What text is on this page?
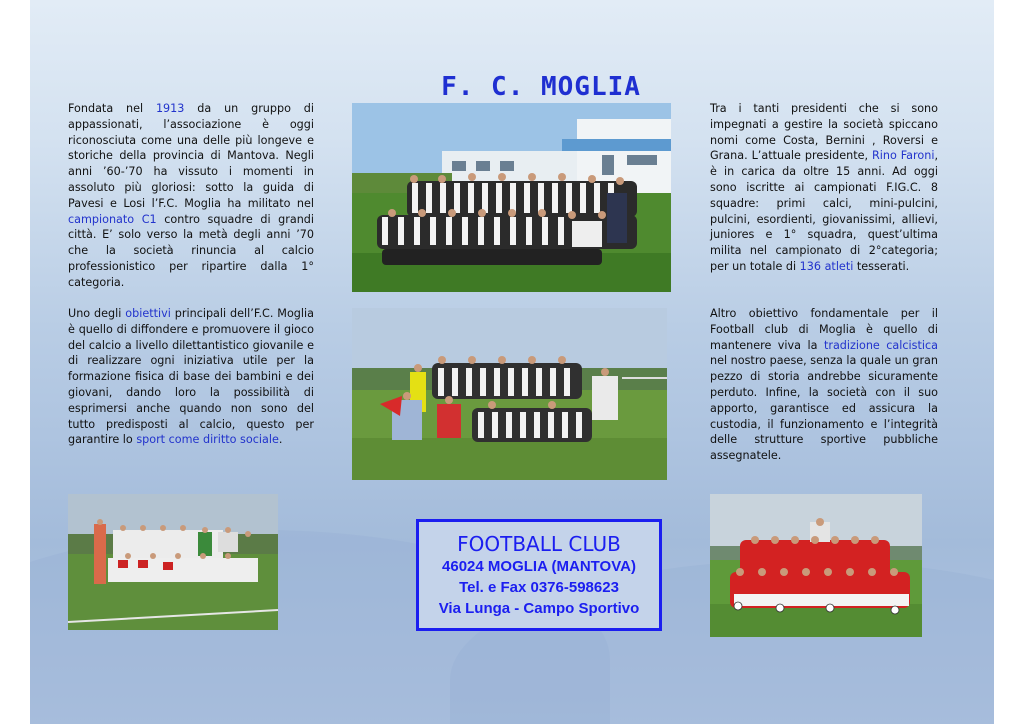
F. C. MOGLIA
Fondata nel 1913 da un gruppo di appassionati, l’associazione è oggi riconosciuta come una delle più longeve e storiche della provincia di Mantova. Negli anni ’60-’70 ha vissuto i momenti in assoluto più gloriosi: sotto la guida di Pavesi e Losi l’F.C. Moglia ha militato nel campionato C1 contro squadre di grandi città. E’ solo verso la metà degli anni ’70 che la società rinuncia al calcio professionistico per ripartire dalla 1° categoria.
Uno degli obiettivi principali dell’F.C. Moglia è quello di diffondere e promuovere il gioco del calcio a livello dilettantistico giovanile e di realizzare ogni iniziativa utile per la formazione fisica di base dei bambini e dei giovani, dando loro la possibilità di esprimersi anche quando non sono del tutto predisposti al calcio, questo per garantire lo sport come diritto sociale.
Tra i tanti presidenti che si sono impegnati a gestire la società spiccano nomi come Costa, Bernini , Roversi e Grana. L’attuale presidente, Rino Faroni, è in carica da oltre 15 anni. Ad oggi sono iscritte ai campionati F.IG.C. 8 squadre: primi calci, mini-pulcini, pulcini, esordienti, giovanissimi, allievi, juniores e 1° squadra, quest’ultima milita nel campionato di 2°categoria; per un totale di 136 atleti tesserati.
Altro obiettivo fondamentale per il Football club di Moglia è quello di mantenere viva la tradizione calcistica nel nostro paese, senza la quale un gran pezzo di storia andrebbe sicuramente perduto. Infine, la società con il suo apporto, garantisce ed assicura la custodia, il funzionamento e l’integrità delle strutture sportive pubbliche assegnatele.
FOOTBALL CLUB
46024 MOGLIA (MANTOVA)
Tel. e Fax 0376-598623
Via Lunga - Campo Sportivo
